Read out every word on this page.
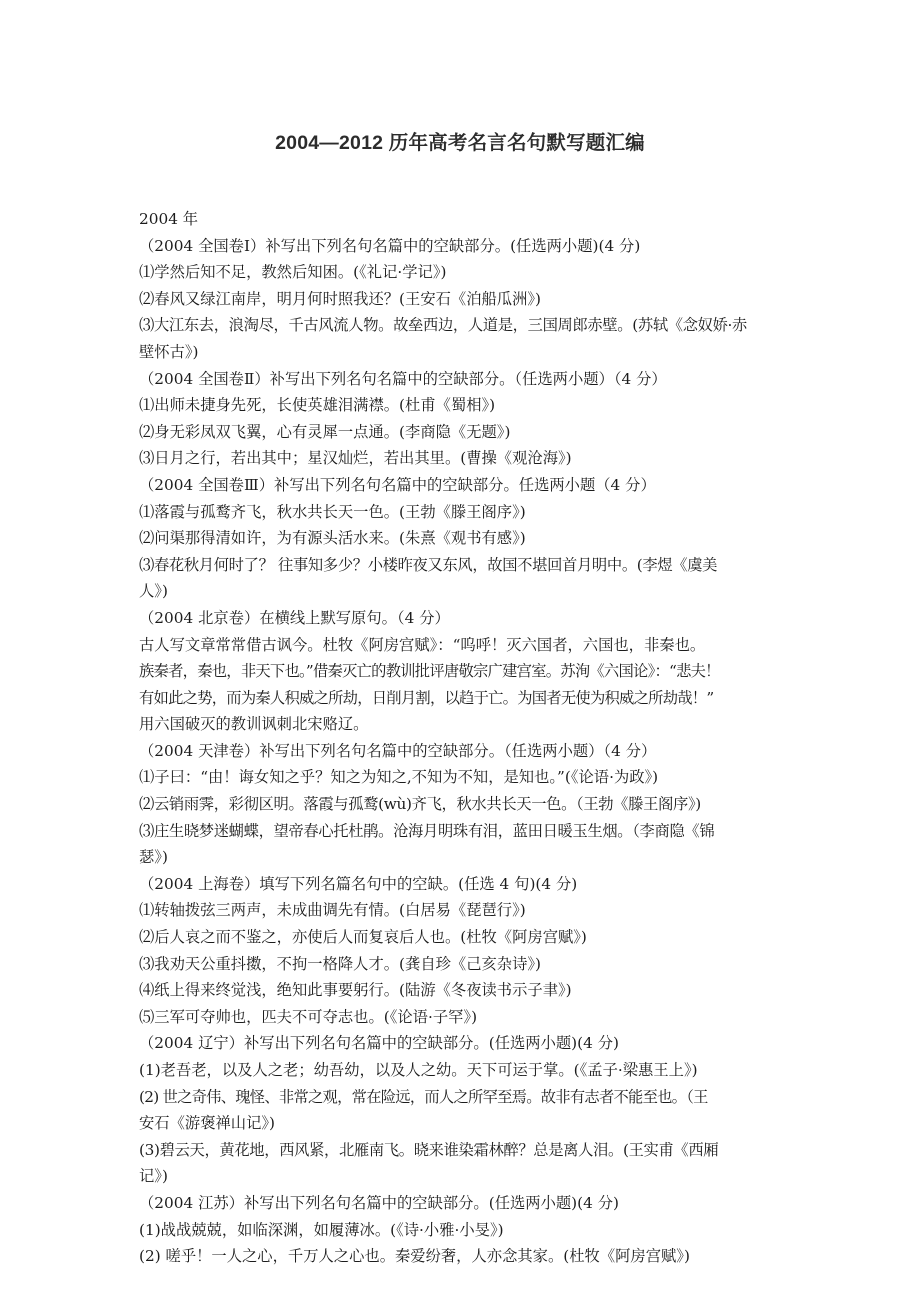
2004—2012 历年高考名言名句默写题汇编
2004 年
（2004 全国卷Ⅰ）补写出下列名句名篇中的空缺部分。(任选两小题)(4 分)
⑴学然后知不足，教然后知困。(《礼记·学记》)
⑵春风又绿江南岸，明月何时照我还？(王安石《泊船瓜洲》)
⑶大江东去，浪淘尽，千古风流人物。故垒西边，人道是，三国周郎赤壁。(苏轼《念奴娇·赤
壁怀古》)
（2004 全国卷Ⅱ）补写出下列名句名篇中的空缺部分。（任选两小题）（4 分）
⑴出师未捷身先死，长使英雄泪满襟。(杜甫《蜀相》)
⑵身无彩凤双飞翼，心有灵犀一点通。(李商隐《无题》)
⑶日月之行，若出其中；星汉灿烂，若出其里。(曹操《观沧海》)
（2004 全国卷Ⅲ）补写出下列名句名篇中的空缺部分。任选两小题（4 分）
⑴落霞与孤鹜齐飞，秋水共长天一色。(王勃《滕王阁序》)
⑵问渠那得清如许，为有源头活水来。(朱熹《观书有感》)
⑶春花秋月何时了？ 往事知多少？小楼昨夜又东风，故国不堪回首月明中。(李煜《虞美
人》)
（2004 北京卷）在横线上默写原句。（4 分）
古人写文章常常借古讽今。杜牧《阿房宫赋》：“呜呼！灭六国者，六国也，非秦也。
族秦者，秦也，非天下也。”借秦灭亡的教训批评唐敬宗广建宫室。苏洵《六国论》：“悲夫！
有如此之势，而为秦人积威之所劫，日削月割，以趋于亡。为国者无使为积威之所劫哉！”
用六国破灭的教训讽刺北宋赂辽。
（2004 天津卷）补写出下列名句名篇中的空缺部分。（任选两小题）（4 分）
⑴子曰：“由！诲女知之乎？知之为知之,不知为不知，是知也。”(《论语·为政》)
⑵云销雨霁，彩彻区明。落霞与孤鹜(wù)齐飞，秋水共长天一色。（王勃《滕王阁序》)
⑶庄生晓梦迷蝴蝶，望帝春心托杜鹃。沧海月明珠有泪，蓝田日暖玉生烟。（李商隐《锦
瑟》)
（2004 上海卷）填写下列名篇名句中的空缺。(任选 4 句)(4 分)
⑴转轴拨弦三两声，未成曲调先有情。(白居易《琵琶行》)
⑵后人哀之而不鉴之，亦使后人而复哀后人也。(杜牧《阿房宫赋》)
⑶我劝天公重抖擞，不拘一格降人才。(龚自珍《己亥杂诗》)
⑷纸上得来终觉浅，绝知此事要躬行。(陆游《冬夜读书示子聿》)
⑸三军可夺帅也，匹夫不可夺志也。(《论语·子罕》)
（2004 辽宁）补写出下列名句名篇中的空缺部分。(任选两小题)(4 分)
(1)老吾老，以及人之老；幼吾幼，以及人之幼。天下可运于掌。(《孟子·梁惠王上》)
(2) 世之奇伟、瑰怪、非常之观，常在险远，而人之所罕至焉。故非有志者不能至也。（王
安石《游褒禅山记》)
(3)碧云天，黄花地，西风紧，北雁南飞。晓来谁染霜林醉？总是离人泪。(王实甫《西厢
记》)
（2004 江苏）补写出下列名句名篇中的空缺部分。(任选两小题)(4 分)
(1)战战兢兢，如临深渊，如履薄冰。(《诗·小雅·小旻》)
(2) 嗟乎！一人之心，千万人之心也。秦爱纷奢，人亦念其家。(杜牧《阿房宫赋》)
